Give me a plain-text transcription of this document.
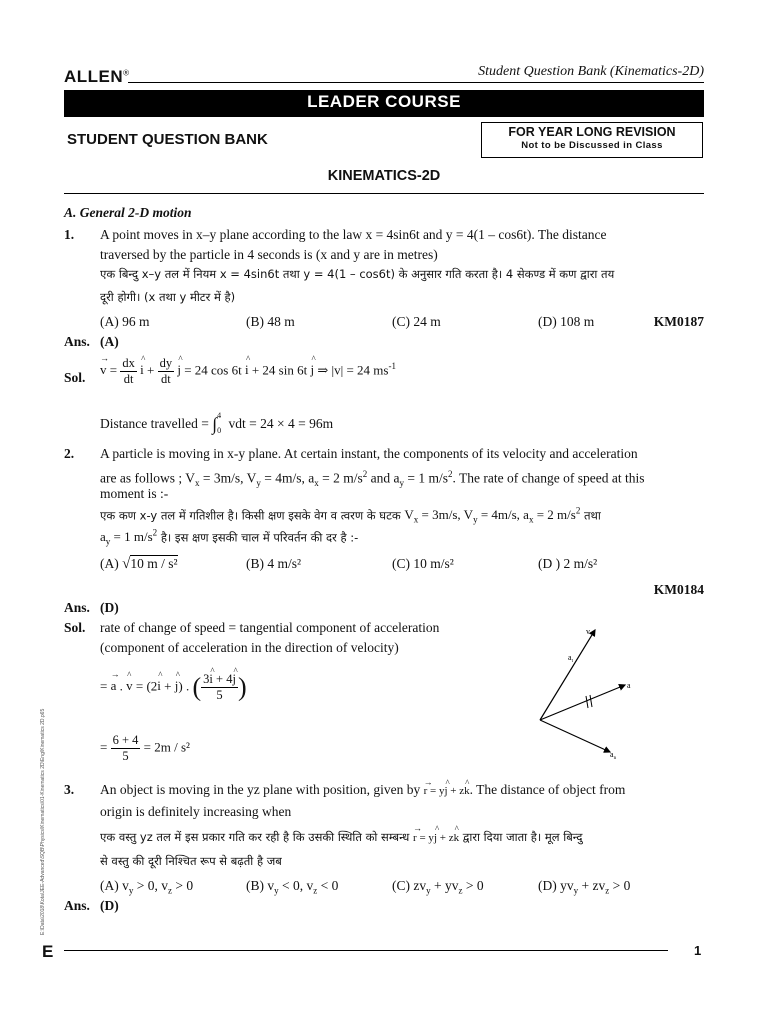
ALLEN®	Student Question Bank (Kinematics-2D)
LEADER COURSE
STUDENT QUESTION BANK	FOR YEAR LONG REVISION
Not to be Discussed in Class
KINEMATICS-2D
A. General 2-D motion
1. A point moves in x–y plane according to the law x = 4sin6t and y = 4(1 – cos6t). The distance
traversed by the particle in 4 seconds is (x and y are in metres)
एक बिन्दु x–y तल में नियम x = 4sin6t तथा y = 4(1 – cos6t) के अनुसार गति करता है। 4 सेकण्ड में कण द्वारा तय
दूरी होगी। (x तथा y मीटर में है)
(A) 96 m	(B) 48 m	(C) 24 m	(D) 108 m	KM0187
Ans. (A)
Sol.
→ $v = \frac{dx}{dt}$ ^ $i + \frac{dy}{dt}$ ^ j = 24 cos 6t ^ i + 24 sin 6t ^ j ⇒ |v| = 24 $ms^{-1}$
Distance travelled = ∫$^4_0$ vdt = 24 × 4 = 96m
2. A particle is moving in x-y plane. At certain instant, the components of its velocity and acceleration
are as follows ; $V_x = 3m/s$, $V_y = 4m/s$, $a_x = 2$ $m/s^2$ and $a_y = 1$ $m/s^2$. The rate of change of speed at this
moment is :-
एक कण x-y तल में गतिशील है। किसी क्षण इसके वेग व त्वरण के घटक $V_x = 3m/s$, $V_y = 4m/s$, $a_x = 2$ $m/s^2$ तथा
$a_y = 1$ $m/s^2$ है। इस क्षण इसकी चाल में परिवर्तन की दर है :-
(A) √10 m / s²	(B) 4 m/s²	(C) 10 m/s²	(D ) 2 m/s²
KM0184
Ans. (D)
Sol. rate of change of speed = tangential component of acceleration
(component of acceleration in the direction of velocity)
= → a . ^ v = (2^ i + ^ j) . ( $\frac{3\^{} i + 4\^{} j}{5}$ )
= $\frac{6 + 4}{5} = 2m / s^2$
v
$a_t$
a
$a_n$
3. An object is moving in the yz plane with position, given by → r = y^ j + z^ k. The distance of object from
origin is definitely increasing when
एक वस्तु yz तल में इस प्रकार गति कर रही है कि उसकी स्थिति को सम्बन्ध → r = y^ j + z^ k द्वारा दिया जाता है। मूल बिन्दु
से वस्तु की दूरी निश्चित रूप से बढ़ती है जब
(A) $v_y > 0$, $v_z > 0$	(B) $v_y < 0$, $v_z < 0$	(C) $zv_y + yv_z > 0$	(D) $yv_y + zv_z > 0$
Ans. (D)
E:\Data\2018\Kota\JEE-Advanced\SQB\Physics\Kinematics\01-Kinematics 2D\Eng\Kinematics 2D.p65
E	1
